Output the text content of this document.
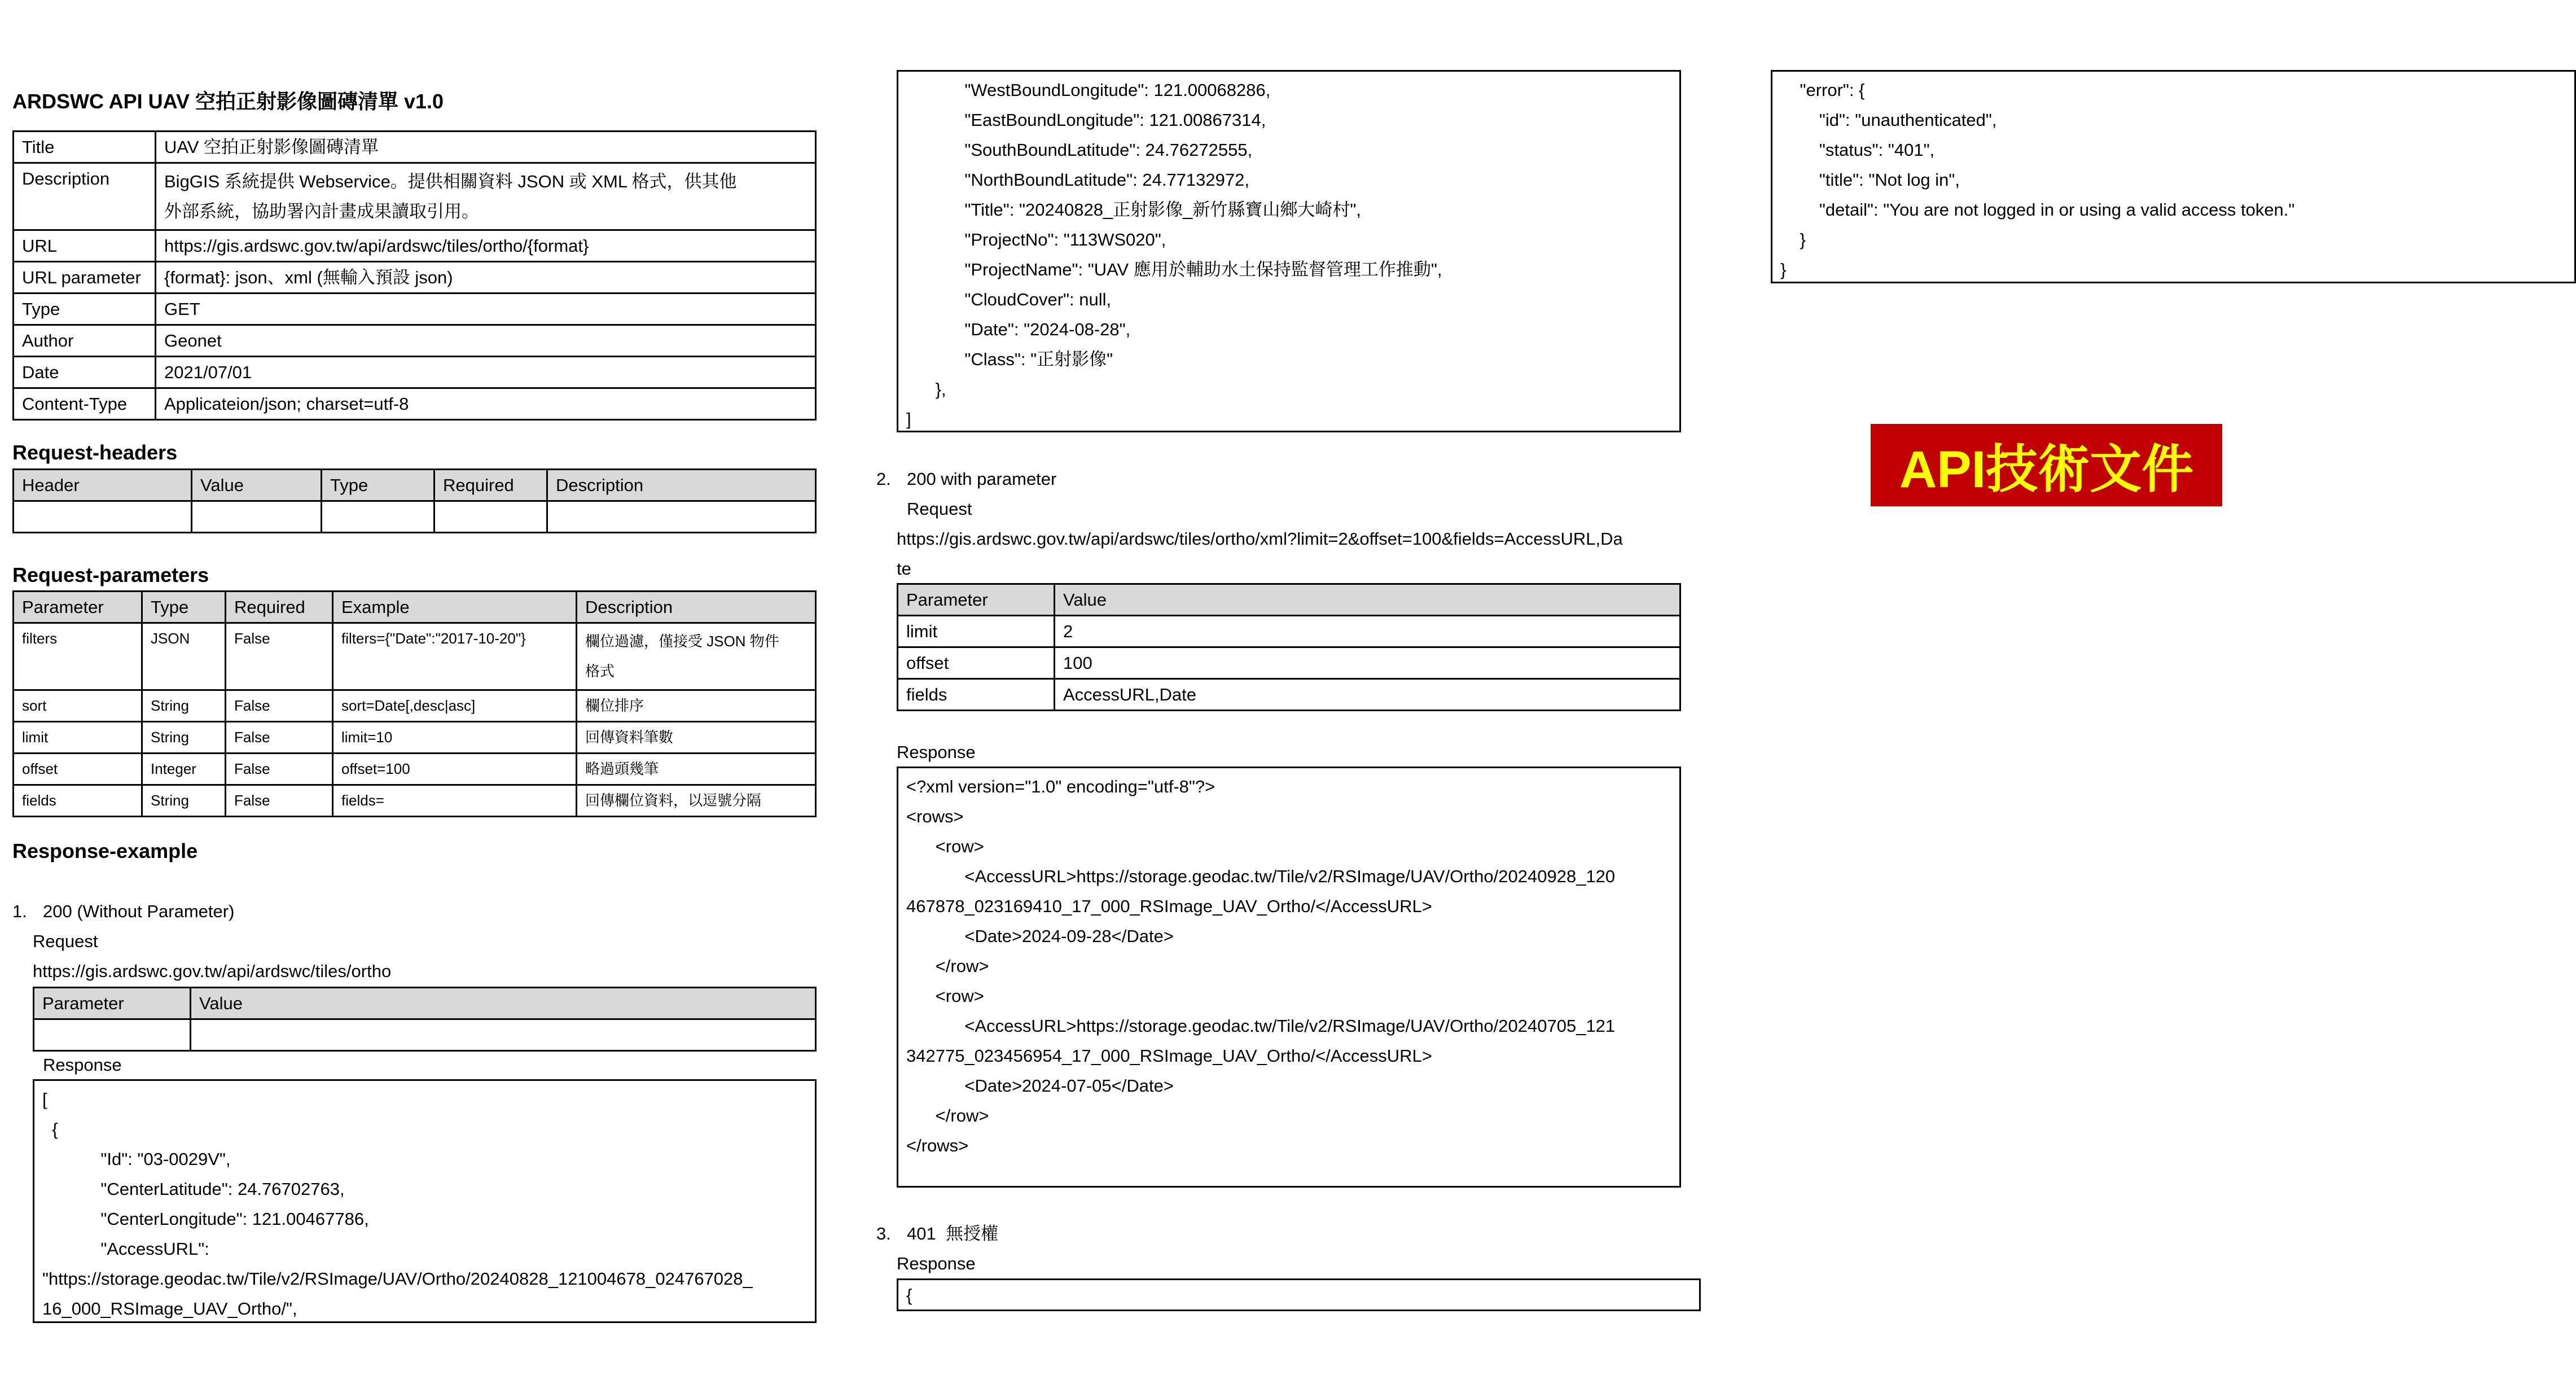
ARDSWC API UAV 空拍正射影像圖磚清單 v1.0
Title	UAV 空拍正射影像圖磚清單
Description	BigGIS 系統提供 Webservice。提供相關資料 JSON 或 XML 格式，供其他
外部系統，協助署內計畫成果讀取引用。

URL	https://gis.ardswc.gov.tw/api/ardswc/tiles/ortho/{format}
URL parameter	{format}: json、xml (無輸入預設 json)
Type	GET
Author	Geonet
Date	2021/07/01
Content-Type	Applicateion/json; charset=utf-8
Request-headers
Header	Value	Type	Required	Description

Request-parameters
Parameter	Type	Required	Example	Description
filters	JSON	False	filters={"Date":"2017-10-20"}	欄位過濾，僅接受 JSON 物件
格式

sort	String	False	sort=Date[,desc|asc]	欄位排序
limit	String	False	limit=10	回傳資料筆數
offset	Integer	False	offset=100	略過頭幾筆
fields	String	False	fields=	回傳欄位資料，以逗號分隔
Response-example
1. 200 (Without Parameter)
Request
https://gis.ardswc.gov.tw/api/ardswc/tiles/ortho
Parameter	Value

Response
[
{
"Id": "03-0029V",
"CenterLatitude": 24.76702763,
"CenterLongitude": 121.00467786,
"AccessURL":
"https://storage.geodac.tw/Tile/v2/RSImage/UAV/Ortho/20240828_121004678_024767028_
16_000_RSImage_UAV_Ortho/",
"WestBoundLongitude": 121.00068286,
"EastBoundLongitude": 121.00867314,
"SouthBoundLatitude": 24.76272555,
"NorthBoundLatitude": 24.77132972,
"Title": "20240828_正射影像_新竹縣寶山鄉大崎村",
"ProjectNo": "113WS020",
"ProjectName": "UAV 應用於輔助水土保持監督管理工作推動",
"CloudCover": null,
"Date": "2024-08-28",
"Class": "正射影像"
},
]
2. 200 with parameter
Request
https://gis.ardswc.gov.tw/api/ardswc/tiles/ortho/xml?limit=2&offset=100&fields=AccessURL,Da
te
Parameter	Value
limit	2
offset	100
fields	AccessURL,Date
Response
<?xml version="1.0" encoding="utf-8"?>
<rows>
<row>
<AccessURL>https://storage.geodac.tw/Tile/v2/RSImage/UAV/Ortho/20240928_120
467878_023169410_17_000_RSImage_UAV_Ortho/</AccessURL>
<Date>2024-09-28</Date>
</row>
<row>
<AccessURL>https://storage.geodac.tw/Tile/v2/RSImage/UAV/Ortho/20240705_121
342775_023456954_17_000_RSImage_UAV_Ortho/</AccessURL>
<Date>2024-07-05</Date>
</row>
</rows>
3. 401  無授權
Response
{
"error": {
"id": "unauthenticated",
"status": "401",
"title": "Not log in",
"detail": "You are not logged in or using a valid access token."
}
}
API技術文件
